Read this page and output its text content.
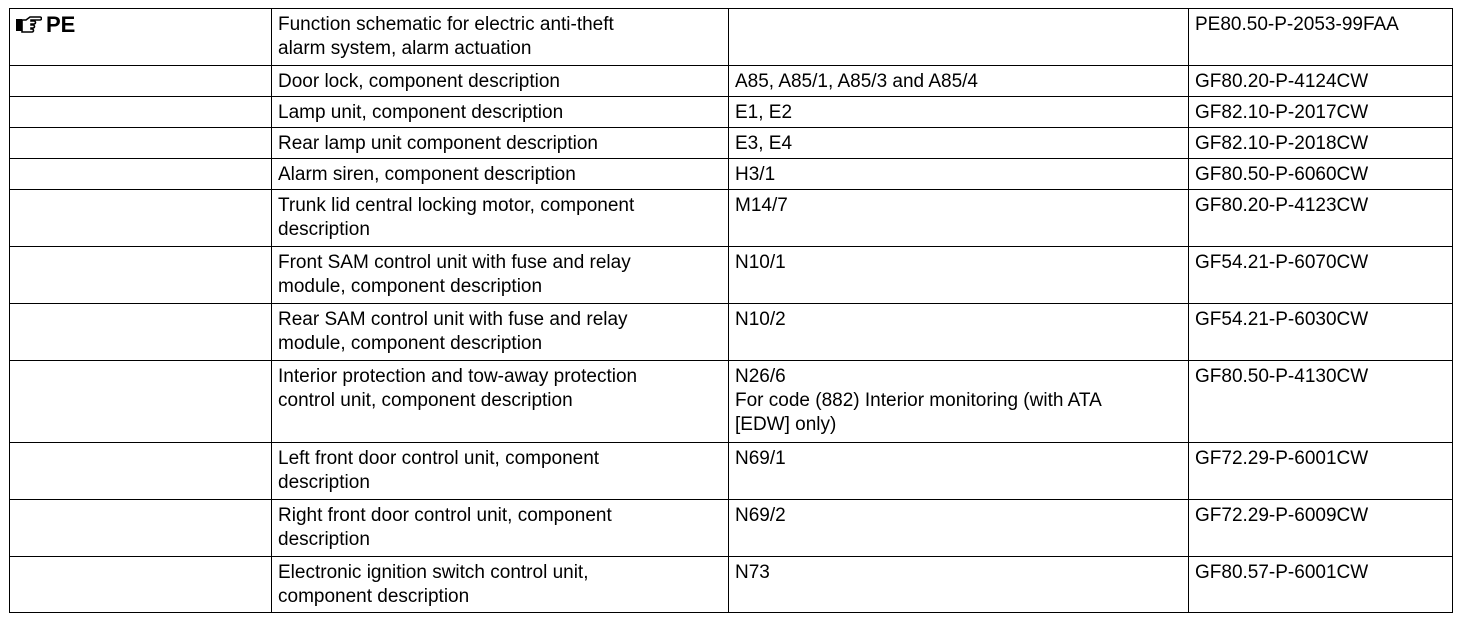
PE	Function schematic for electric anti-theft
alarm system, alarm actuation		PE80.50-P-2053-99FAA

	Door lock, component description	A85, A85/1, A85/3 and A85/4	GF80.20-P-4124CW

	Lamp unit, component description	E1, E2	GF82.10-P-2017CW

	Rear lamp unit component description	E3, E4	GF82.10-P-2018CW

	Alarm siren, component description	H3/1	GF80.50-P-6060CW

	Trunk lid central locking motor, component
description	M14/7	GF80.20-P-4123CW

	Front SAM control unit with fuse and relay
module, component description	N10/1	GF54.21-P-6070CW

	Rear SAM control unit with fuse and relay
module, component description	N10/2	GF54.21-P-6030CW

	Interior protection and tow-away protection
control unit, component description	N26/6
For code (882) Interior monitoring (with ATA
[EDW] only)	GF80.50-P-4130CW

	Left front door control unit, component
description	N69/1	GF72.29-P-6001CW

	Right front door control unit, component
description	N69/2	GF72.29-P-6009CW

	Electronic ignition switch control unit,
component description	N73	GF80.57-P-6001CW
